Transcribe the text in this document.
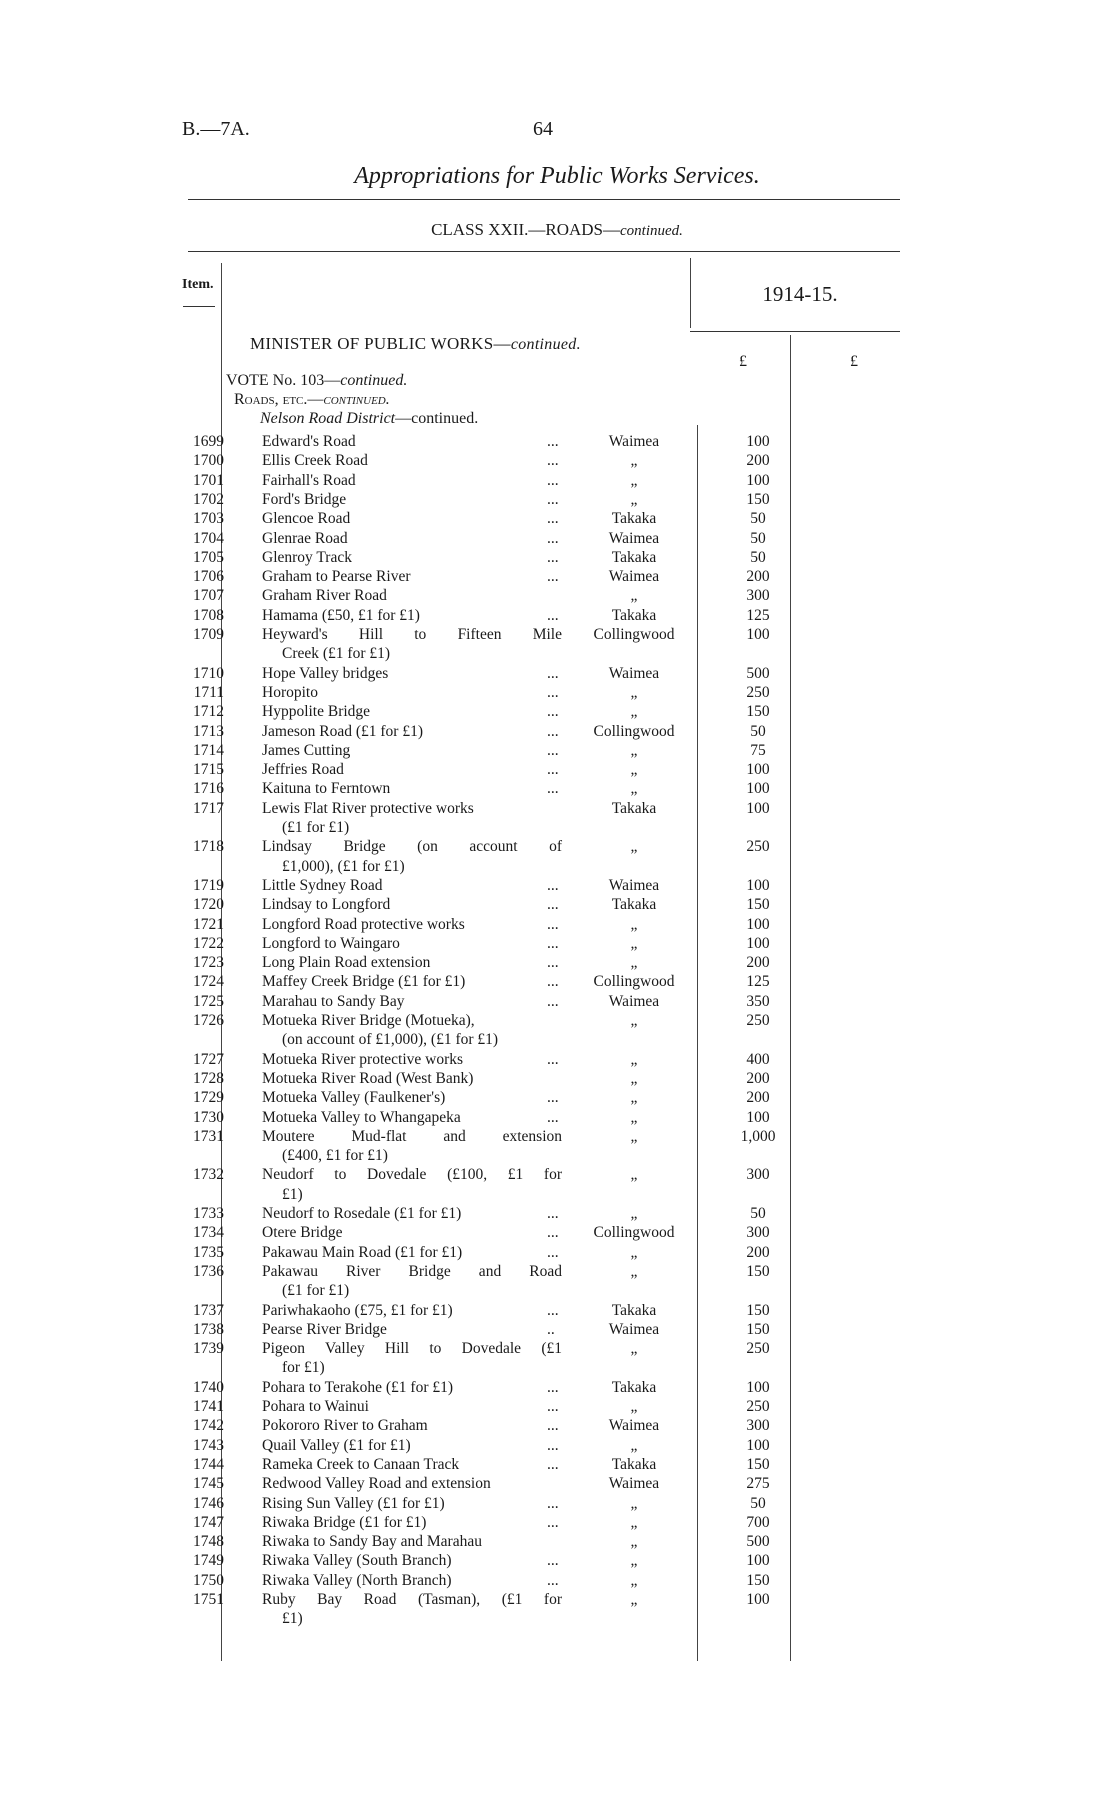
B.—7A.	64
Appropriations for Public Works Services.
CLASS XXII.—ROADS—continued.
Item.	1914-15.
MINISTER OF PUBLIC WORKS—continued.
£	£
VOTE No. 103—continued.
Roads, etc.—continued.
Nelson Road District—continued.
1699 Edward's Road	...	Waimea	100
1700 Ellis Creek Road	...	„	200
1701 Fairhall's Road	...	„	100
1702 Ford's Bridge	...	„	150
1703 Glencoe Road	...	Takaka	50
1704 Glenrae Road	...	Waimea	50
1705 Glenroy Track	...	Takaka	50
1706 Graham to Pearse River	...	Waimea	200
1707 Graham River Road	„	300
1708 Hamama (£50, £1 for £1)	...	Takaka	125
1709 Heyward's Hill to Fifteen Mile	Collingwood	100
Creek (£1 for £1)
1710 Hope Valley bridges	...	Waimea	500
1711 Horopito	...	„	250
1712 Hyppolite Bridge	...	„	150
1713 Jameson Road (£1 for £1)	...	Collingwood	50
1714 James Cutting	...	„	75
1715 Jeffries Road	...	„	100
1716 Kaituna to Ferntown	...	„	100
1717 Lewis Flat River protective works	Takaka	100
(£1 for £1)
1718 Lindsay Bridge (on account of	„	250
£1,000), (£1 for £1)
1719 Little Sydney Road	...	Waimea	100
1720 Lindsay to Longford	...	Takaka	150
1721 Longford Road protective works	...	„	100
1722 Longford to Waingaro	...	„	100
1723 Long Plain Road extension	...	„	200
1724 Maffey Creek Bridge (£1 for £1)	...	Collingwood	125
1725 Marahau to Sandy Bay	...	Waimea	350
1726 Motueka River Bridge (Motueka),	„	250
(on account of £1,000), (£1 for £1)
1727 Motueka River protective works	...	„	400
1728 Motueka River Road (West Bank)	„	200
1729 Motueka Valley (Faulkener's)	...	„	200
1730 Motueka Valley to Whangapeka	...	„	100
1731 Moutere Mud-flat and extension	„	1,000
(£400, £1 for £1)
1732 Neudorf to Dovedale (£100, £1 for	„	300
£1)
1733 Neudorf to Rosedale (£1 for £1)	...	„	50
1734 Otere Bridge	...	Collingwood	300
1735 Pakawau Main Road (£1 for £1)	...	„	200
1736 Pakawau River Bridge and Road	„	150
(£1 for £1)
1737 Pariwhakaoho (£75, £1 for £1)	...	Takaka	150
1738 Pearse River Bridge	..	Waimea	150
1739 Pigeon Valley Hill to Dovedale (£1	„	250
for £1)
1740 Pohara to Terakohe (£1 for £1)	...	Takaka	100
1741 Pohara to Wainui	...	„	250
1742 Pokororo River to Graham	...	Waimea	300
1743 Quail Valley (£1 for £1)	...	„	100
1744 Rameka Creek to Canaan Track	...	Takaka	150
1745 Redwood Valley Road and extension	Waimea	275
1746 Rising Sun Valley (£1 for £1)	...	„	50
1747 Riwaka Bridge (£1 for £1)	...	„	700
1748 Riwaka to Sandy Bay and Marahau	„	500
1749 Riwaka Valley (South Branch)	...	„	100
1750 Riwaka Valley (North Branch)	...	„	150
1751 Ruby Bay Road (Tasman), (£1 for	„	100
£1)
